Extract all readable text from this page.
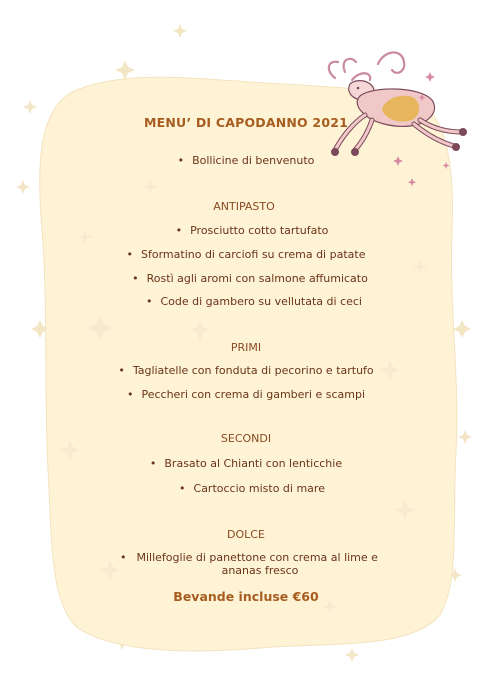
MENU’ DI CAPODANNO 2021
• Bollicine di benvenuto
ANTIPASTO
• Prosciutto cotto tartufato
• Sformatino di carciofi su crema di patate
• Rostì agli aromi con salmone affumicato
• Code di gambero su vellutata di ceci
PRIMI
• Tagliatelle con fonduta di pecorino e tartufo
• Peccheri con crema di gamberi e scampi
SECONDI
• Brasato al Chianti con lenticchie
• Cartoccio misto di mare
DOLCE
• Millefoglie di panettone con crema al lime e
ananas fresco
Bevande incluse €60
